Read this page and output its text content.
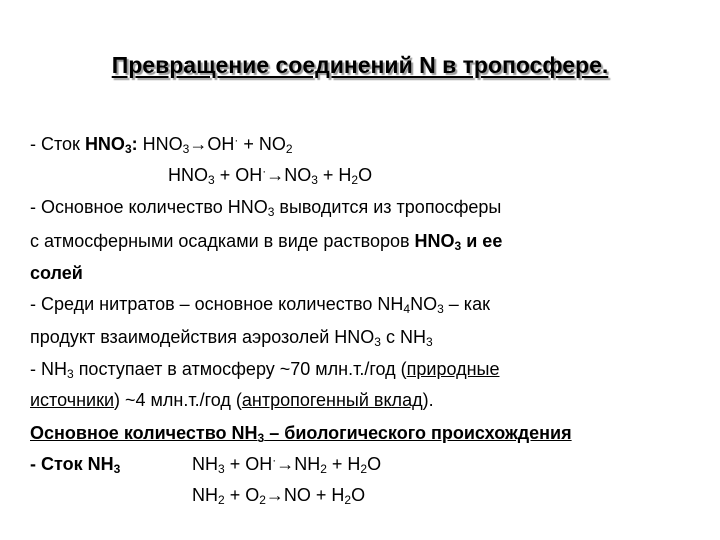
Превращение соединений N в тропосфере.
- Сток $HNO_3$: $HNO_3\to OH^\cdot + NO_2$
$HNO_3 + OH^\cdot\to NO_3 + H_2O$
- Основное количество $HNO_3$ выводится из тропосферы
с атмосферными осадками в виде растворов $HNO_3$ и ее
солей
- Среди нитратов – основное количество $NH_4NO_3$ – как
продукт взаимодействия аэрозолей $HNO_3$ с $NH_3$
- $NH_3$ поступает в атмосферу ~70 млн.т./год (природные
источники) ~4 млн.т./год (антропогенный вклад).
Основное количество $NH_3$ – биологического происхождения
- Сток $NH_3$	$NH_3 + OH^\cdot\to NH_2 + H_2O$
$NH_2 + O_2\to NO + H_2O$
